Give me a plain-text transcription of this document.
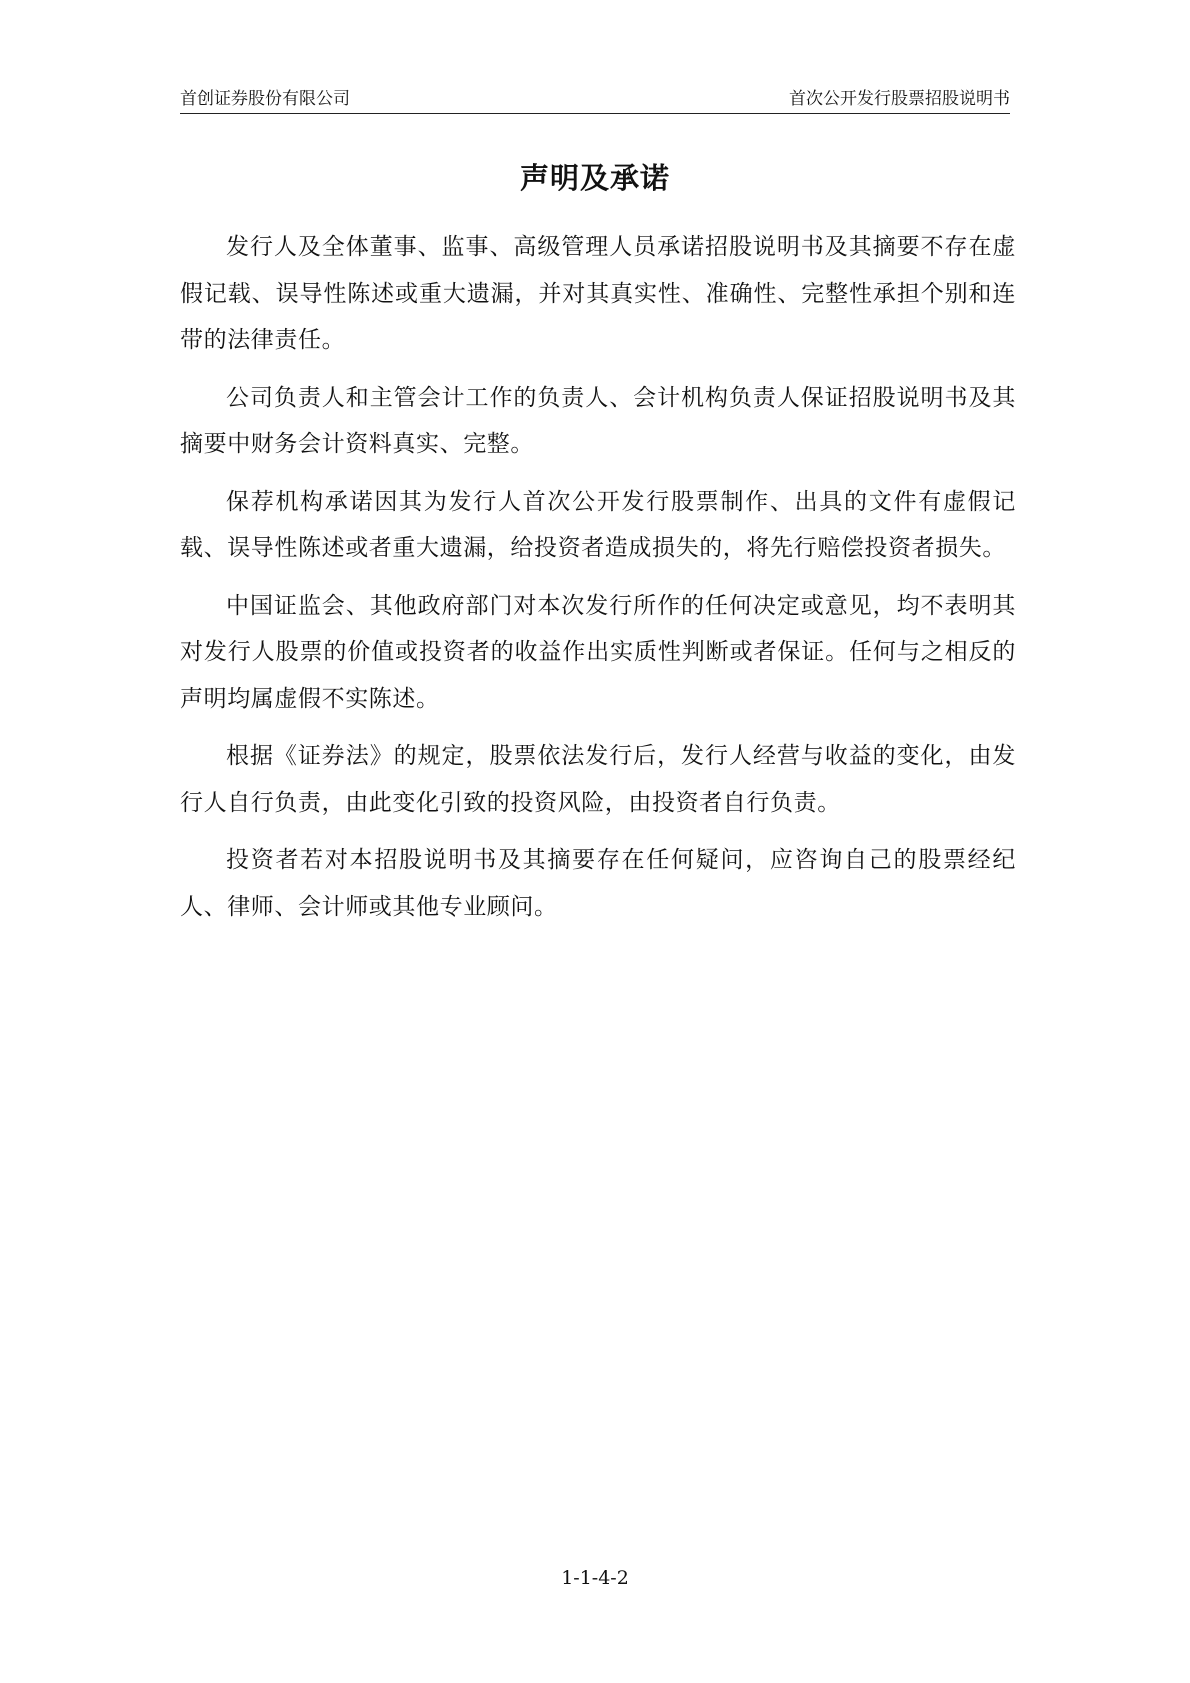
首创证券股份有限公司	首次公开发行股票招股说明书
声明及承诺

发行人及全体董事、监事、高级管理人员承诺招股说明书及其摘要不存在虚假记载、误导性陈述或重大遗漏，并对其真实性、准确性、完整性承担个别和连带的法律责任。

公司负责人和主管会计工作的负责人、会计机构负责人保证招股说明书及其摘要中财务会计资料真实、完整。

保荐机构承诺因其为发行人首次公开发行股票制作、出具的文件有虚假记载、误导性陈述或者重大遗漏，给投资者造成损失的，将先行赔偿投资者损失。

中国证监会、其他政府部门对本次发行所作的任何决定或意见，均不表明其对发行人股票的价值或投资者的收益作出实质性判断或者保证。任何与之相反的声明均属虚假不实陈述。

根据《证券法》的规定，股票依法发行后，发行人经营与收益的变化，由发行人自行负责，由此变化引致的投资风险，由投资者自行负责。

投资者若对本招股说明书及其摘要存在任何疑问，应咨询自己的股票经纪人、律师、会计师或其他专业顾问。

1-1-4-2
